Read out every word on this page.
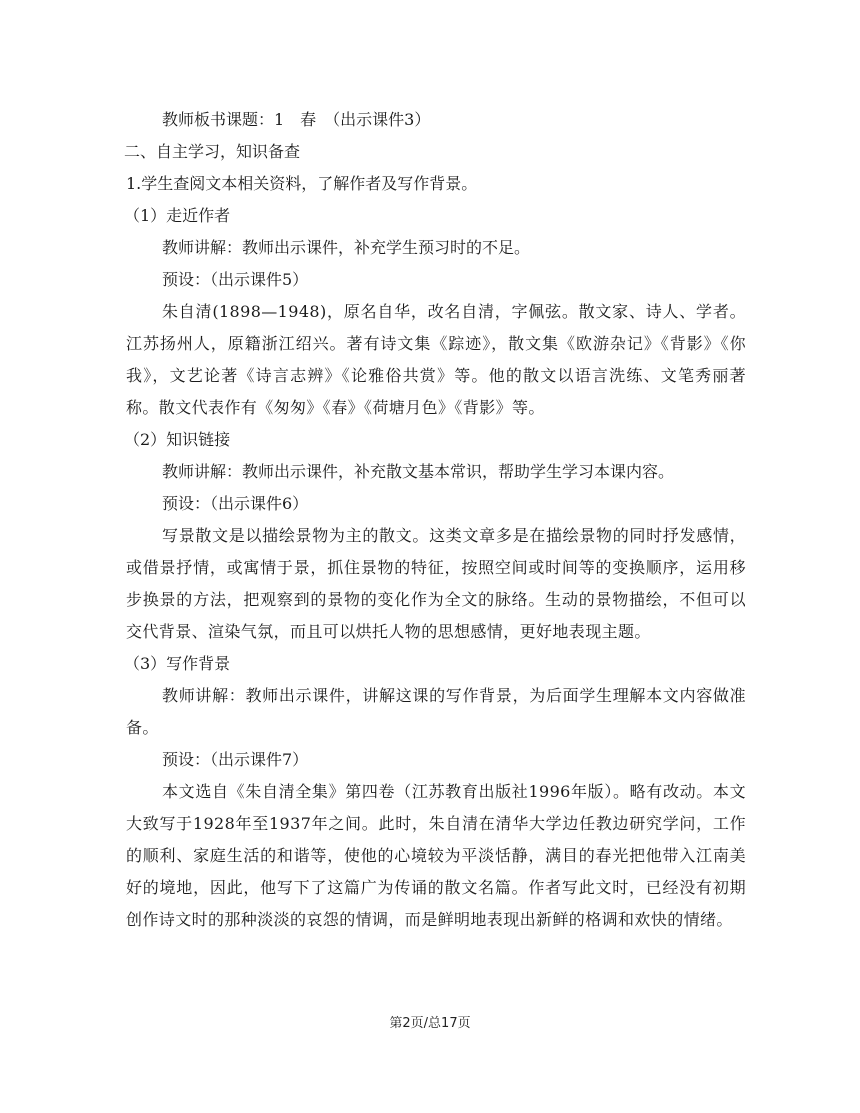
教师板书课题：1　春　（出示课件3）

二、自主学习，知识备查

1.学生查阅文本相关资料，了解作者及写作背景。

（1）走近作者

教师讲解：教师出示课件，补充学生预习时的不足。

预设：（出示课件5）

朱自清(1898—1948)，原名自华，改名自清，字佩弦。散文家、诗人、学者。江苏扬州人，原籍浙江绍兴。著有诗文集《踪迹》，散文集《欧游杂记》《背影》《你我》，文艺论著《诗言志辨》《论雅俗共赏》等。他的散文以语言洗练、文笔秀丽著称。散文代表作有《匆匆》《春》《荷塘月色》《背影》等。

（2）知识链接

教师讲解：教师出示课件，补充散文基本常识，帮助学生学习本课内容。

预设：（出示课件6）

写景散文是以描绘景物为主的散文。这类文章多是在描绘景物的同时抒发感情，或借景抒情，或寓情于景，抓住景物的特征，按照空间或时间等的变换顺序，运用移步换景的方法，把观察到的景物的变化作为全文的脉络。生动的景物描绘，不但可以交代背景、渲染气氛，而且可以烘托人物的思想感情，更好地表现主题。

（3）写作背景

教师讲解：教师出示课件，讲解这课的写作背景，为后面学生理解本文内容做准备。

预设：（出示课件7）

本文选自《朱自清全集》第四卷（江苏教育出版社1996年版）。略有改动。本文大致写于1928年至1937年之间。此时，朱自清在清华大学边任教边研究学问，工作的顺利、家庭生活的和谐等，使他的心境较为平淡恬静，满目的春光把他带入江南美好的境地，因此，他写下了这篇广为传诵的散文名篇。作者写此文时，已经没有初期创作诗文时的那种淡淡的哀怨的情调，而是鲜明地表现出新鲜的格调和欢快的情绪。

第2页/总17页
